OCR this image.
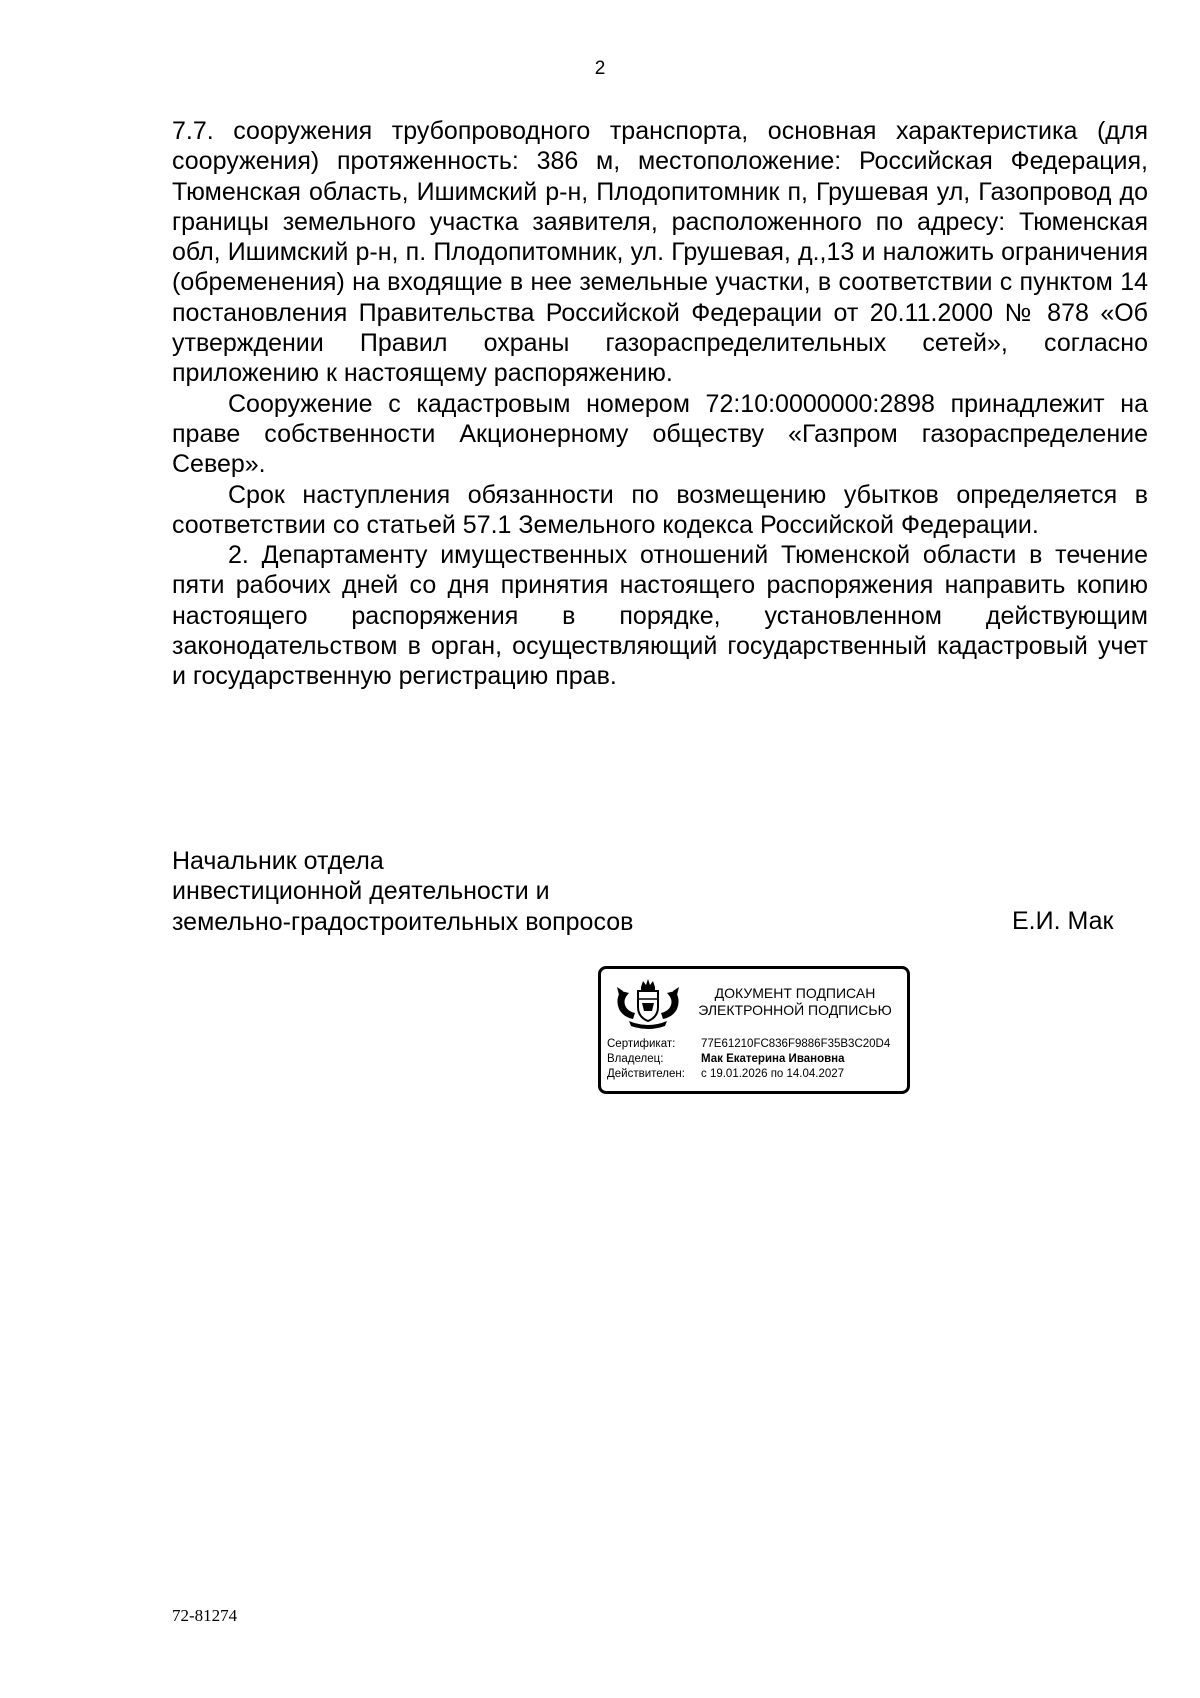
2

7.7. сооружения трубопроводного транспорта, основная характеристика (для сооружения) протяженность: 386 м, местоположение: Российская Федерация, Тюменская область, Ишимский р-н, Плодопитомник п, Грушевая ул, Газопровод до границы земельного участка заявителя, расположенного по адресу: Тюменская обл, Ишимский р-н, п. Плодопитомник, ул. Грушевая, д.,13 и наложить ограничения (обременения) на входящие в нее земельные участки, в соответствии с пунктом 14 постановления Правительства Российской Федерации от 20.11.2000 № 878 «Об утверждении Правил охраны газораспределительных сетей», согласно приложению к настоящему распоряжению.

Сооружение с кадастровым номером 72:10:0000000:2898 принадлежит на праве собственности Акционерному обществу «Газпром газораспределение Север».

Срок наступления обязанности по возмещению убытков определяется в соответствии со статьей 57.1 Земельного кодекса Российской Федерации.

2. Департаменту имущественных отношений Тюменской области в течение пяти рабочих дней со дня принятия настоящего распоряжения направить копию настоящего распоряжения в порядке, установленном действующим законодательством в орган, осуществляющий государственный кадастровый учет и государственную регистрацию прав.

Начальник отдела
инвестиционной деятельности и
земельно-градостроительных вопросов	Е.И. Мак
ДОКУМЕНТ ПОДПИСАН
ЭЛЕКТРОННОЙ ПОДПИСЬЮ
Сертификат: 77E61210FC836F9886F35B3C20D4
Владелец:	Мак Екатерина Ивановна
Действителен: с 19.01.2026 по 14.04.2027
72-81274
